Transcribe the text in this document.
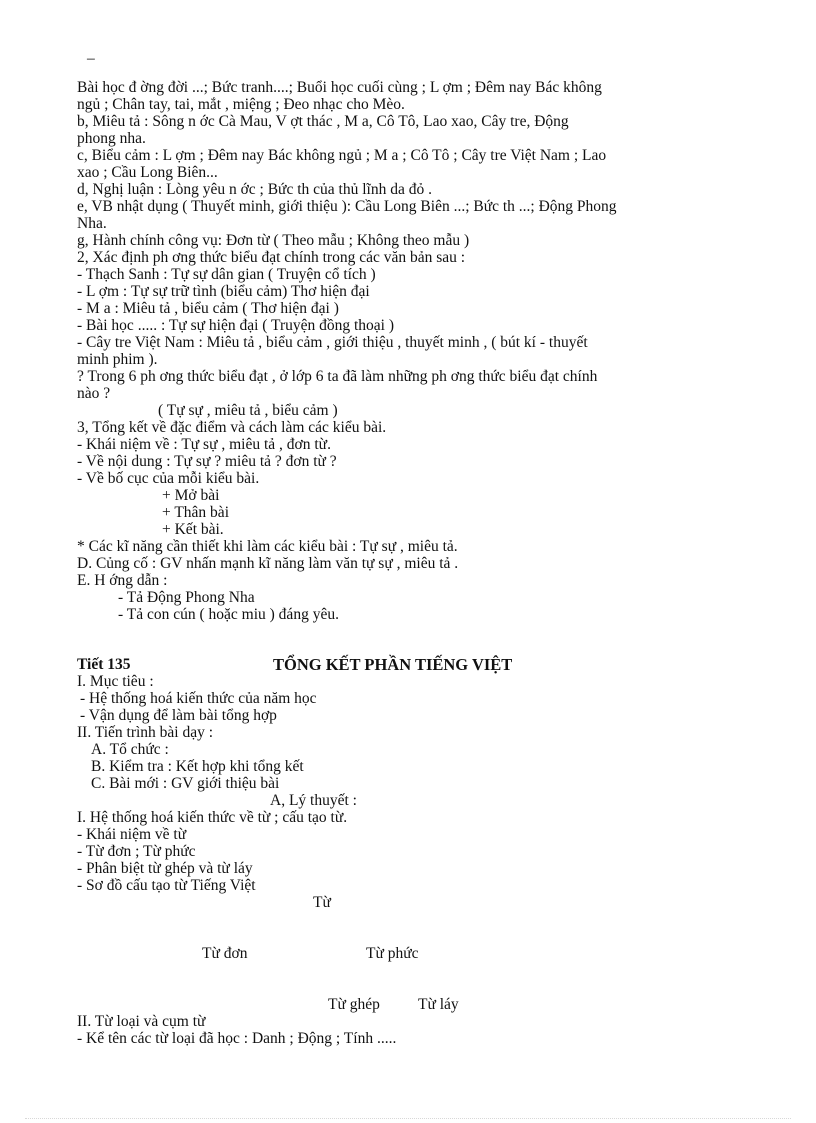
–
Bài học đ ờng đời ...; Bức tranh....; Buổi học cuối cùng ; L ợm ; Đêm nay Bác không
ngủ ; Chân tay, tai, mắt , miệng ; Đeo nhạc cho Mèo.
b, Miêu tả : Sông n ớc Cà Mau, V ợt thác , M a, Cô Tô, Lao xao, Cây tre, Động
phong nha.
c, Biểu cảm : L ợm ; Đêm nay Bác không ngủ ; M a ; Cô Tô ; Cây tre Việt Nam ; Lao
xao ; Cầu Long Biên...
d, Nghị luận : Lòng yêu n ớc ; Bức th của thủ lĩnh da đỏ .
e, VB nhật dụng ( Thuyết minh, giới thiệu ): Cầu Long Biên ...; Bức th ...; Động Phong
Nha.
g, Hành chính công vụ: Đơn từ ( Theo mẫu ; Không theo mẫu )
2, Xác định ph ơng thức biểu đạt chính trong các văn bản sau :
- Thạch Sanh : Tự sự dân gian ( Truyện cổ tích )
- L ợm : Tự sự trữ tình (biểu cảm) Thơ hiện đại
- M a : Miêu tả , biểu cảm ( Thơ hiện đại )
- Bài học ..... : Tự sự hiện đại ( Truyện đồng thoại )
- Cây tre Việt Nam : Miêu tả , biểu cảm , giới thiệu , thuyết minh , ( bút kí - thuyết
minh phim ).
? Trong 6 ph ơng thức biểu đạt , ở lớp 6 ta đã làm những ph ơng thức biểu đạt chính
nào ?
( Tự sự , miêu tả , biểu cảm )
3, Tổng kết về đặc điểm và cách làm các kiểu bài.
- Khái niệm về : Tự sự , miêu tả , đơn từ.
- Về nội dung : Tự sự ? miêu tả ? đơn từ ?
- Về bố cục của mỗi kiểu bài.
+ Mở bài
+ Thân bài
+ Kết bài.
* Các kĩ năng cần thiết khi làm các kiểu bài : Tự sự , miêu tả.
D. Củng cố : GV nhấn mạnh kĩ năng làm văn tự sự , miêu tả .
E. H ớng dẫn :
- Tả Động Phong Nha
- Tả con cún ( hoặc miu ) đáng yêu.
Tiết 135	TỔNG KẾT PHẦN TIẾNG VIỆT
I. Mục tiêu :
- Hệ thống hoá kiến thức của năm học
- Vận dụng để làm bài tổng hợp
II. Tiến trình bài dạy :
A. Tổ chức :
B. Kiểm tra : Kết hợp khi tổng kết
C. Bài mới : GV giới thiệu bài
A, Lý thuyết :
I. Hệ thống hoá kiến thức về từ ; cấu tạo từ.
- Khái niệm về từ
- Từ đơn ; Từ phức
- Phân biệt từ ghép và từ láy
- Sơ đồ cấu tạo từ Tiếng Việt
Từ
Từ đơn	Từ phức
Từ ghép Từ láy
II. Từ loại và cụm từ
- Kể tên các từ loại đã học : Danh ; Động ; Tính .....
